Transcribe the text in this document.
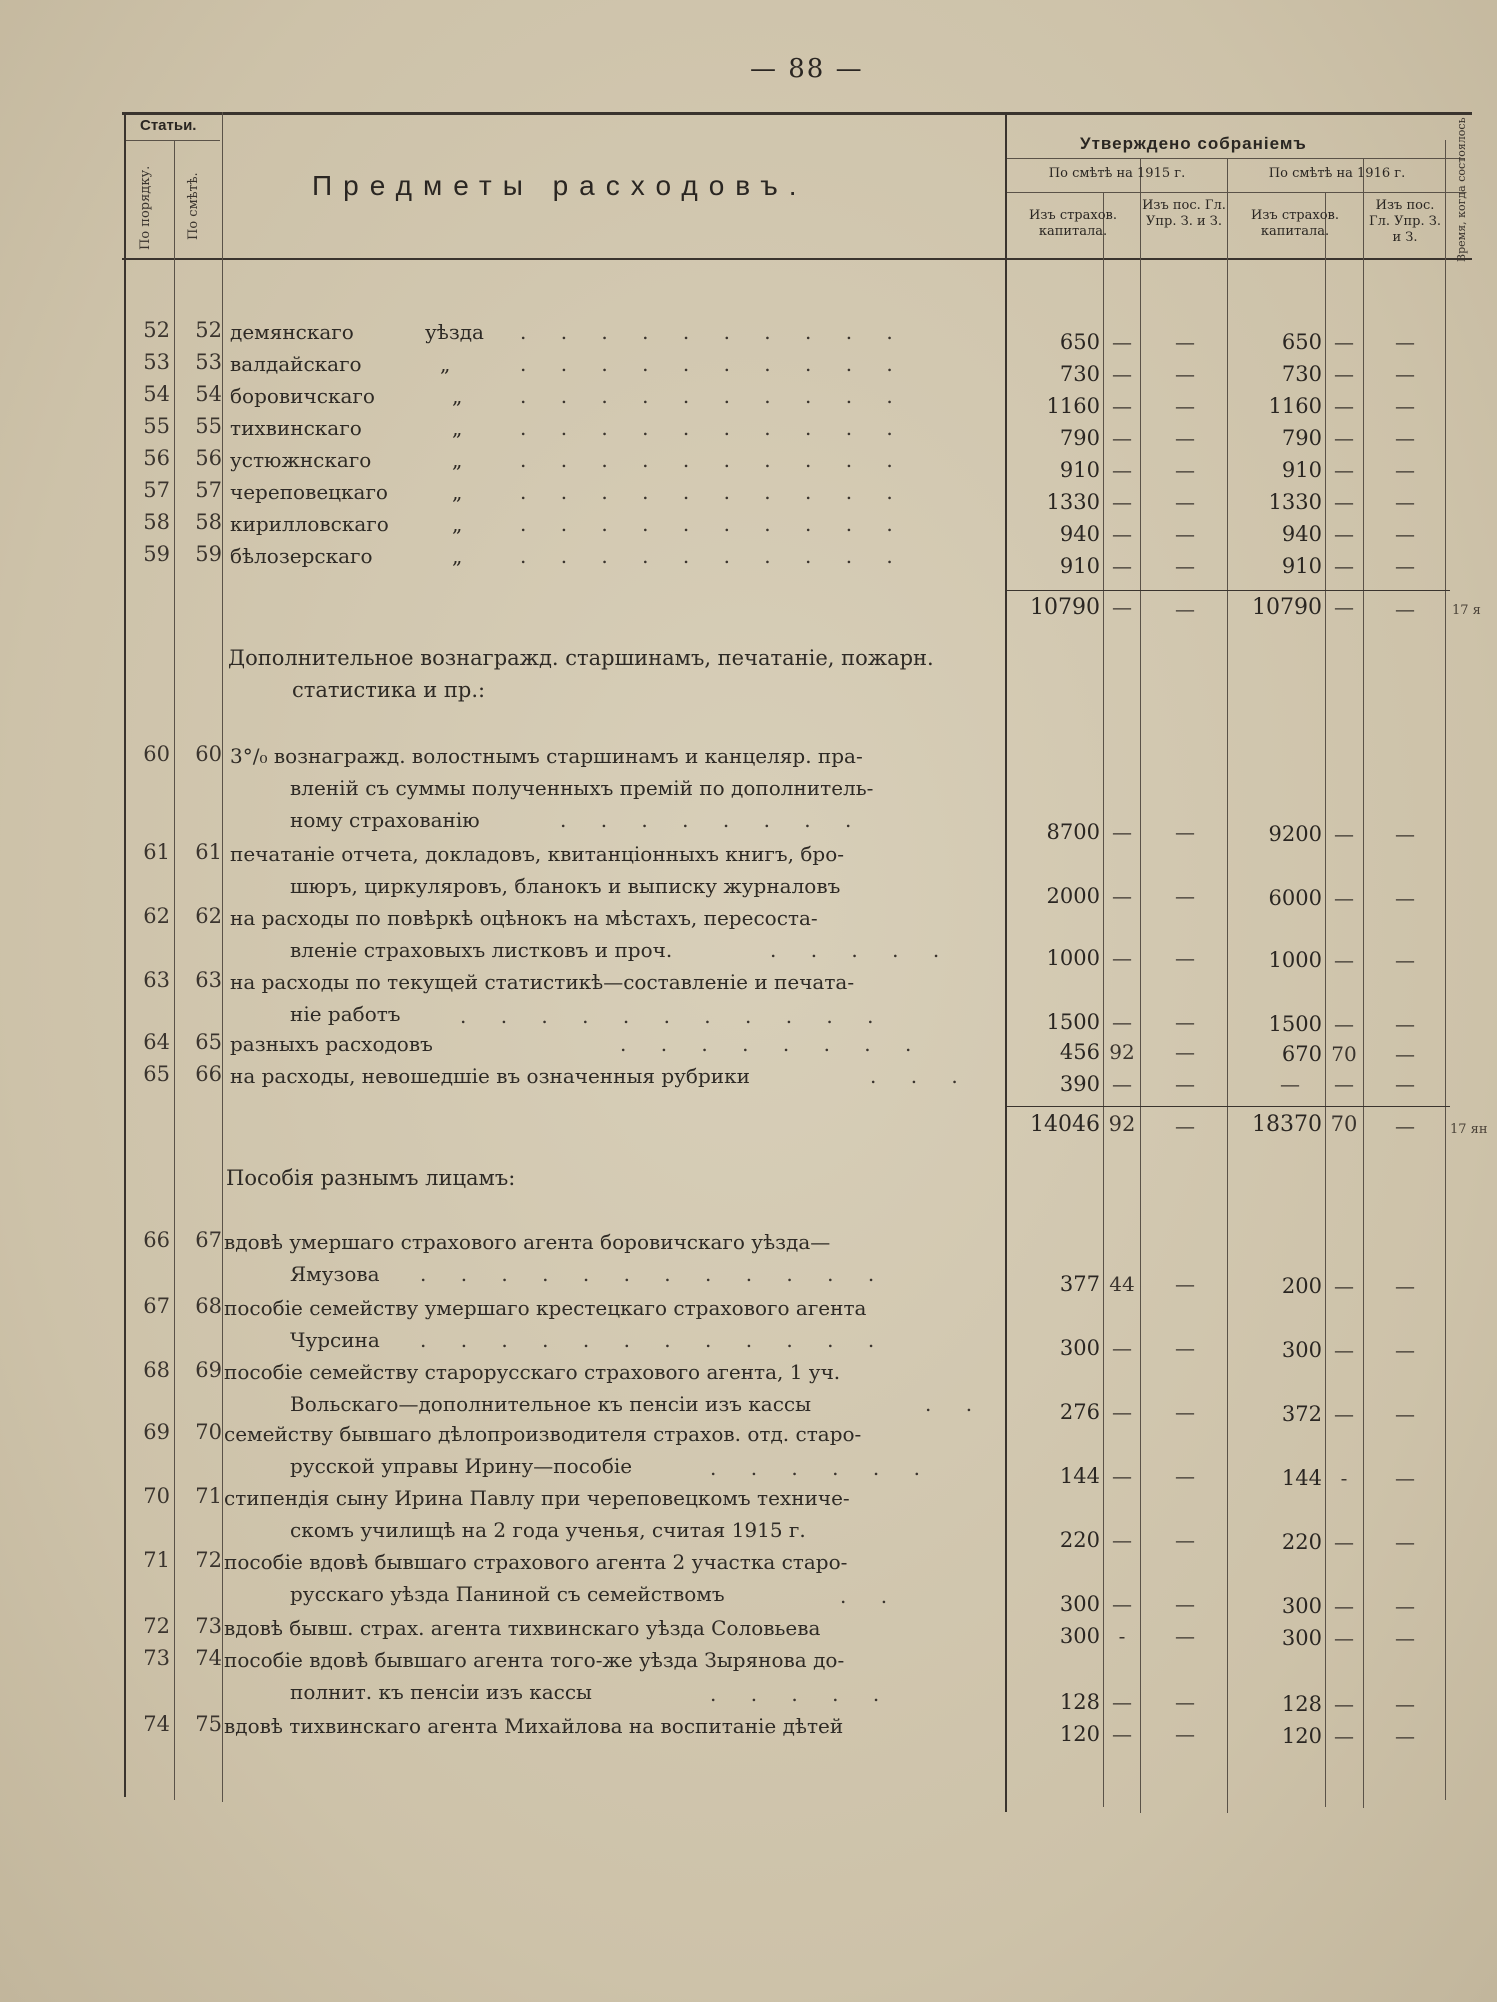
— 88 —
Статьи.
По порядку.	По смѣтѣ.	Предметы расходовъ.
Утверждено собраніемъ
По смѣтѣ на 1915 г.	По смѣтѣ на 1916 г.
Изъ страхов. капитала.
Изъ пос. Гл. Упр. З. и З.	Изъ страхов. капитала.
Изъ пос. Гл. Упр. З. и З.	Время, когда состоялось
52	52 демянскаго	уѣзда . . . . . . . . . .	650 —	—	650 —	—
53	53 валдайскаго	„	. . . . . . . . . .	730 —	—	730 —	—
54	54 боровичскаго	„	. . . . . . . . . .	1160 —	—	1160 —	—
55	55 тихвинскаго	„	. . . . . . . . . .	790 —	—	790 —	—
56	56 устюжнскаго	„	. . . . . . . . . .	910 —	—	910 —	—
57	57 череповецкаго	„	. . . . . . . . . .	1330 —	—	1330 —	—
58	58 кирилловскаго	„	. . . . . . . . . .	940 —	—	940 —	—
59	59 бѣлозерскаго	„	. . . . . . . . . .	910 —	—	910 —	—
10790 —	—	10790 —	—	17 я
Дополнительное вознагражд. старшинамъ, печатаніе, пожарн.
статистика и пр.:
60	60 3°/₀ вознагражд. волостнымъ старшинамъ и канцеляр. пра-
вленій съ суммы полученныхъ премій по дополнитель-
ному страхованію	. . . . . . . .	8700 —	—	9200 —	—
61	61 печатаніе отчета, докладовъ, квитанціонныхъ книгъ, бро-
шюръ, циркуляровъ, бланокъ и выписку журналовъ	2000 —	—	6000 —	—
62	62 на расходы по повѣркѣ оцѣнокъ на мѣстахъ, пересоста-
вленіе страховыхъ листковъ и проч.	. . . . .	1000 —	—	1000 —	—
63	63 на расходы по текущей статистикѣ—составленіе и печата-
ніе работъ	. . . . . . . . . . .	1500 —	—	1500 —	—
64	65 разныхъ расходовъ	. . . . . . . .	456 92	—	670 70	—
65	66 на расходы, невошедшіе въ означенныя рубрики	. . .	390 —	—	—	—	—
14046 92	—	18370 70	—	17 ян
Пособія разнымъ лицамъ:
66	67 вдовѣ умершаго страхового агента боровичскаго уѣзда—
Ямузова . . . . . . . . . . . .	377 44	—	200 —	—
67	68 пособіе семейству умершаго крестецкаго страхового агента
Чурсина . . . . . . . . . . . .	300 —	—	300 —	—
68	69 пособіе семейству старорусскаго страхового агента, 1 уч.
Вольскаго—дополнительное къ пенсіи изъ кассы	. .	276 —	—	372 —	—
69	70 семейству бывшаго дѣлопроизводителя страхов. отд. старо-
русской управы Ирину—пособіе	. . . . . .	144 —	—	144 -	—
70	71 стипендія сыну Ирина Павлу при череповецкомъ техниче-
скомъ училищѣ на 2 года ученья, считая 1915 г.	220 —	—	220 —	—
71	72 пособіе вдовѣ бывшаго страхового агента 2 участка старо-
русскаго уѣзда Паниной съ семействомъ	. .	300 —	—	300 —	—
72	73 вдовѣ бывш. страх. агента тихвинскаго уѣзда Соловьева	300 -	—	300 —	—
73	74 пособіе вдовѣ бывшаго агента того-же уѣзда Зырянова до-
полнит. къ пенсіи изъ кассы	. . . . .	128 —	—	128 —	—
74	75 вдовѣ тихвинскаго агента Михайлова на воспитаніе дѣтей	120 —	—	120 —	—
